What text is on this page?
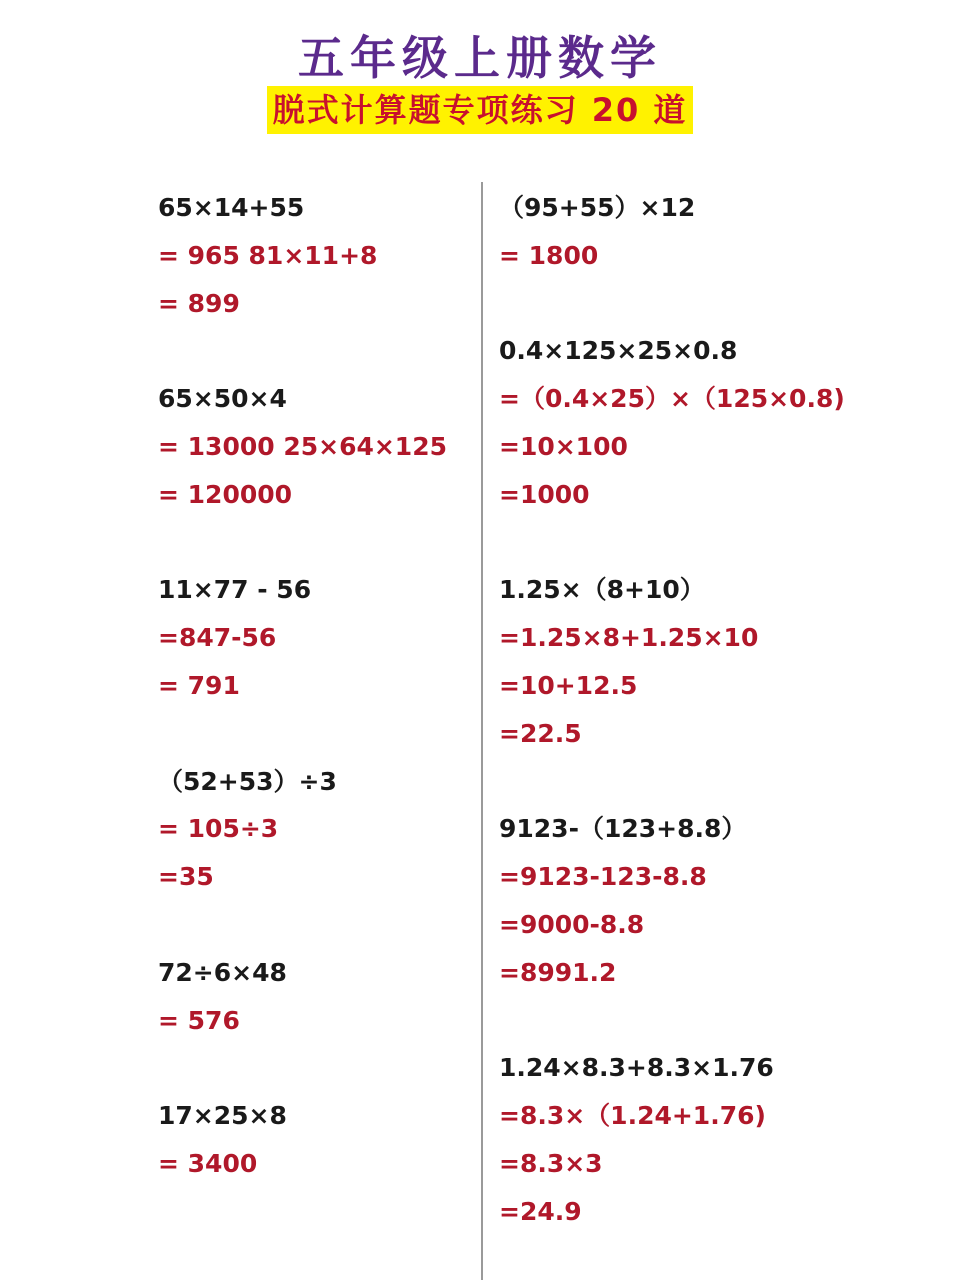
五年级上册数学
脱式计算题专项练习 20 道
65×14+55
= 965 81×11+8
= 899
65×50×4
= 13000 25×64×125
= 120000
11×77 - 56
=847-56
= 791
（52+53）÷3
= 105÷3
=35
72÷6×48
= 576
17×25×8
= 3400
（95+55）×12
= 1800
0.4×125×25×0.8
=（0.4×25）×（125×0.8)
=10×100
=1000
1.25×（8+10）
=1.25×8+1.25×10
=10+12.5
=22.5
9123-（123+8.8）
=9123-123-8.8
=9000-8.8
=8991.2
1.24×8.3+8.3×1.76
=8.3×（1.24+1.76)
=8.3×3
=24.9
